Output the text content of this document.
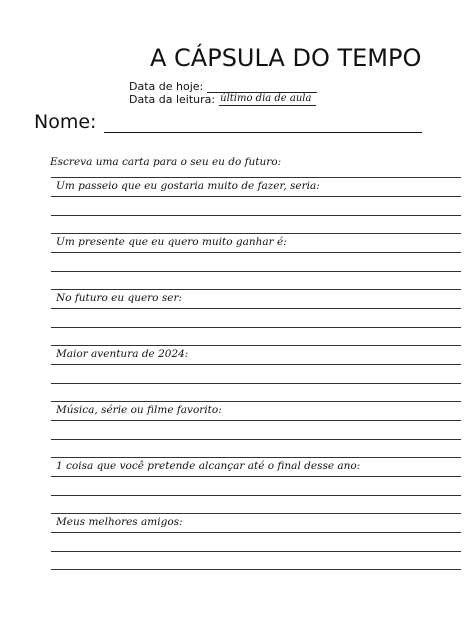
A CÁPSULA DO TEMPO
Data de hoje:
Data da leitura: último dia de aula
Nome:
Escreva uma carta para o seu eu do futuro:
Um passeio que eu gostaria muito de fazer, seria:
Um presente que eu quero muito ganhar é:
No futuro eu quero ser:
Maior aventura de 2024:
Música, série ou filme favorito:
1 coisa que você pretende alcançar até o final desse ano:
Meus melhores amigos:
